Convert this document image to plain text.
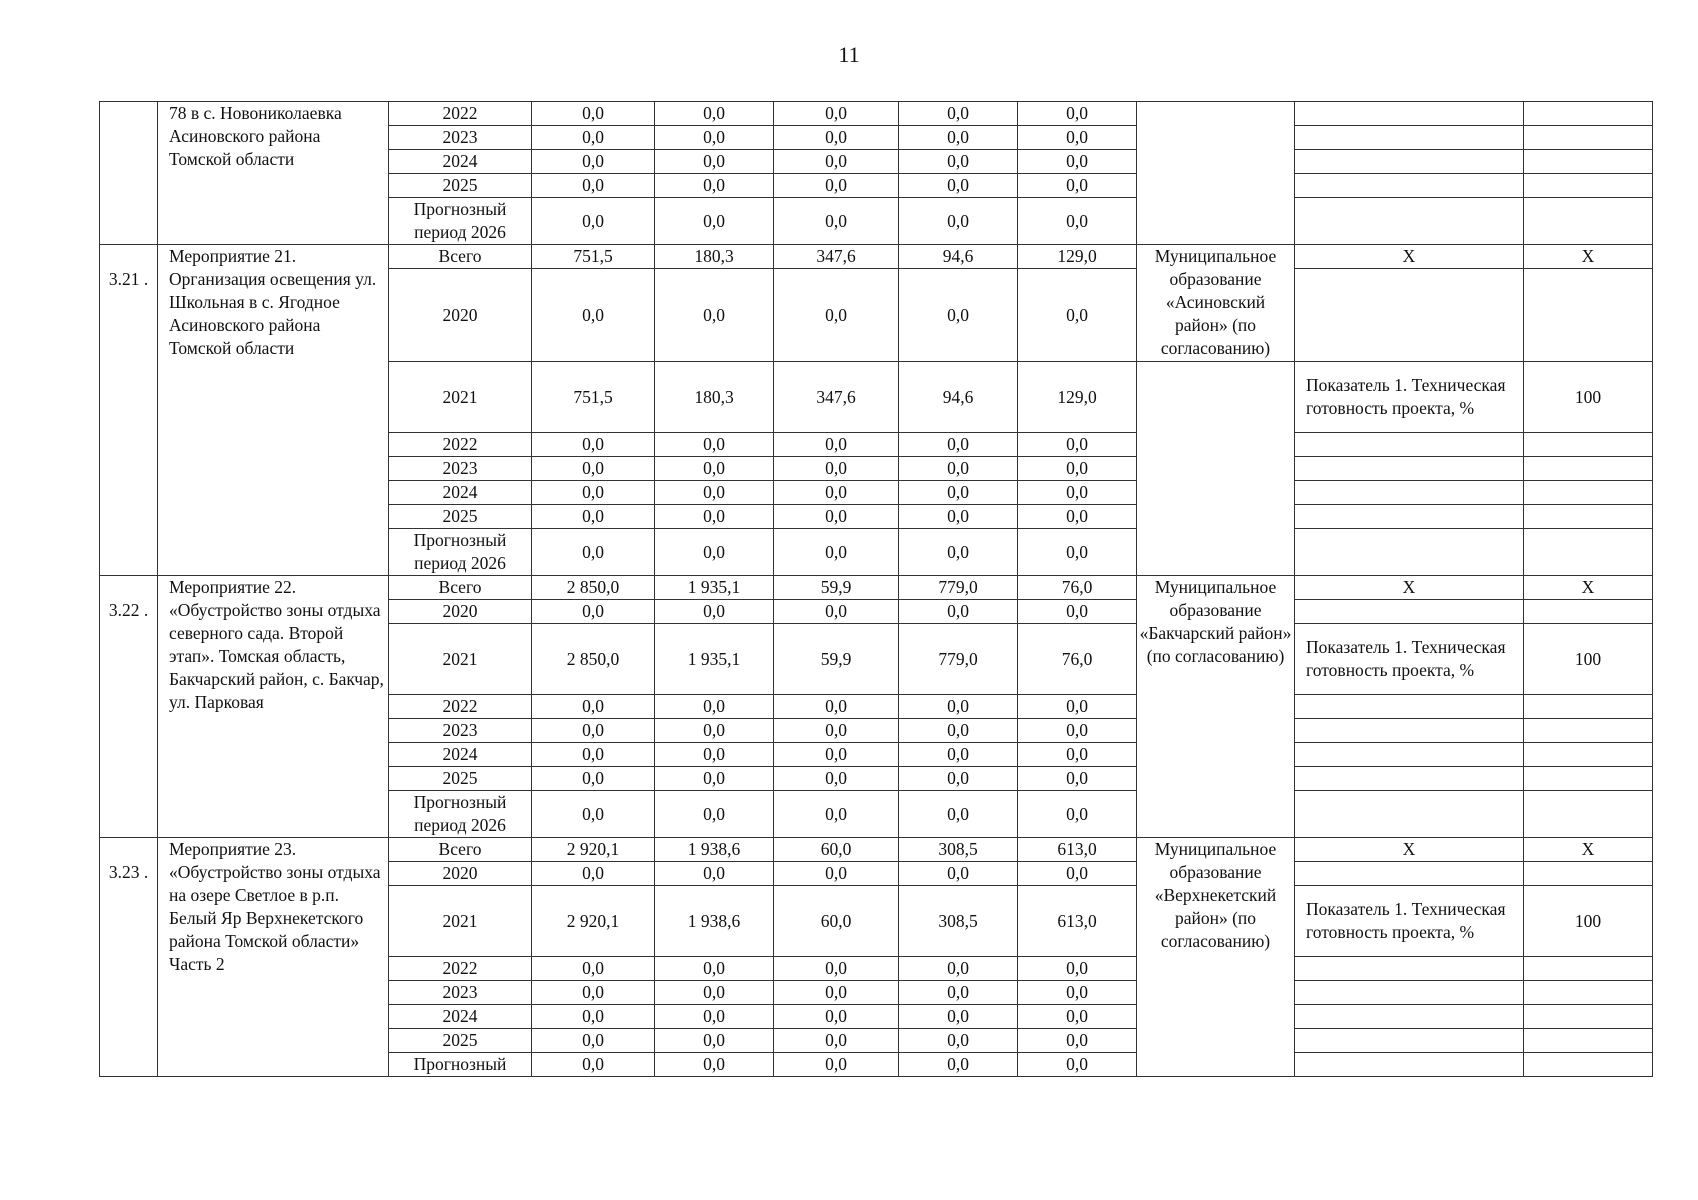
11
	78 в с. Новониколаевка Асиновского района Томской области	2022	0,0	0,0	0,0	0,0	0,0			
		2023	0,0	0,0	0,0	0,0	0,0			
		2024	0,0	0,0	0,0	0,0	0,0			
		2025	0,0	0,0	0,0	0,0	0,0			
		Прогнозный период 2026	0,0	0,0	0,0	0,0	0,0			
3.21 .	Мероприятие 21. Организация освещения ул. Школьная в с. Ягодное Асиновского района Томской области	Всего	751,5	180,3	347,6	94,6	129,0	Муниципальное образование «Асиновский район» (по согласованию)	Х	Х
		2020	0,0	0,0	0,0	0,0	0,0			
		2021	751,5	180,3	347,6	94,6	129,0		Показатель 1. Техническая готовность проекта, %	100
		2022	0,0	0,0	0,0	0,0	0,0			
		2023	0,0	0,0	0,0	0,0	0,0			
		2024	0,0	0,0	0,0	0,0	0,0			
		2025	0,0	0,0	0,0	0,0	0,0			
		Прогнозный период 2026	0,0	0,0	0,0	0,0	0,0			
3.22 .	Мероприятие 22. «Обустройство зоны отдыха северного сада. Второй этап». Томская область, Бакчарский район, с. Бакчар, ул. Парковая	Всего	2 850,0	1 935,1	59,9	779,0	76,0	Муниципальное образование «Бакчарский район» (по согласованию)	Х	Х
		2020	0,0	0,0	0,0	0,0	0,0			
		2021	2 850,0	1 935,1	59,9	779,0	76,0		Показатель 1. Техническая готовность проекта, %	100
		2022	0,0	0,0	0,0	0,0	0,0			
		2023	0,0	0,0	0,0	0,0	0,0			
		2024	0,0	0,0	0,0	0,0	0,0			
		2025	0,0	0,0	0,0	0,0	0,0			
		Прогнозный период 2026	0,0	0,0	0,0	0,0	0,0			
3.23 .	Мероприятие 23. «Обустройство зоны отдыха на озере Светлое в р.п. Белый Яр Верхнекетского района Томской области» Часть 2	Всего	2 920,1	1 938,6	60,0	308,5	613,0	Муниципальное образование «Верхнекетский район» (по согласованию)	Х	Х
		2020	0,0	0,0	0,0	0,0	0,0			
		2021	2 920,1	1 938,6	60,0	308,5	613,0		Показатель 1. Техническая готовность проекта, %	100
		2022	0,0	0,0	0,0	0,0	0,0			
		2023	0,0	0,0	0,0	0,0	0,0			
		2024	0,0	0,0	0,0	0,0	0,0			
		2025	0,0	0,0	0,0	0,0	0,0			
		Прогнозный	0,0	0,0	0,0	0,0	0,0			
